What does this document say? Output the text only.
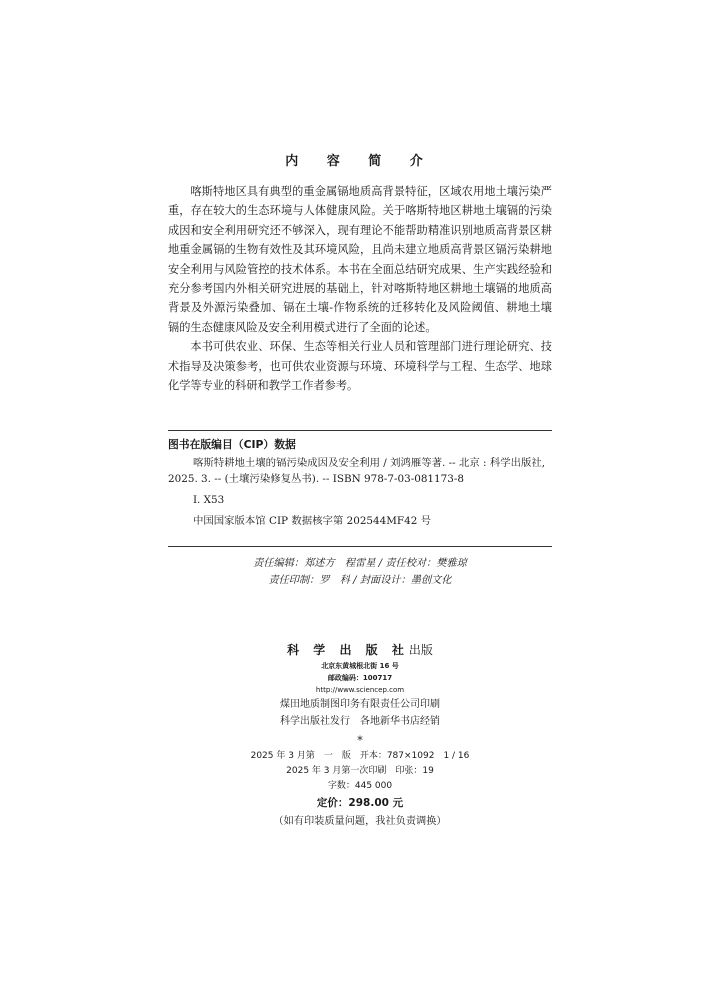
内 容 简 介

喀斯特地区具有典型的重金属镉地质高背景特征，区域农用地土壤污染严重，存在较大的生态环境与人体健康风险。关于喀斯特地区耕地土壤镉的污染成因和安全利用研究还不够深入，现有理论不能帮助精准识别地质高背景区耕地重金属镉的生物有效性及其环境风险，且尚未建立地质高背景区镉污染耕地安全利用与风险管控的技术体系。本书在全面总结研究成果、生产实践经验和充分参考国内外相关研究进展的基础上，针对喀斯特地区耕地土壤镉的地质高背景及外源污染叠加、镉在土壤-作物系统的迁移转化及风险阈值、耕地土壤镉的生态健康风险及安全利用模式进行了全面的论述。

本书可供农业、环保、生态等相关行业人员和管理部门进行理论研究、技术指导及决策参考，也可供农业资源与环境、环境科学与工程、生态学、地球化学等专业的科研和教学工作者参考。

图书在版编目（CIP）数据

喀斯特耕地土壤的镉污染成因及安全利用 / 刘鸿雁等著. -- 北京 : 科学出版社, 2025. 3. -- (土壤污染修复丛书). -- ISBN 978-7-03-081173-8

Ⅰ. X53

中国国家版本馆 CIP 数据核字第 202544MF42 号

责任编辑：郑述方　程雷星 / 责任校对：樊雅琼
责任印制：罗　科 / 封面设计：墨创文化
科 学 出 版 社出版
北京东黄城根北街 16 号
邮政编码：100717
http://www.sciencep.com
煤田地质制图印务有限责任公司印刷
科学出版社发行　各地新华书店经销
*
2025 年 3 月第　一　版　开本：787×1092　1 / 16
2025 年 3 月第一次印刷　印张：19
字数：445 000
定价：298.00 元
（如有印装质量问题，我社负责调换）
